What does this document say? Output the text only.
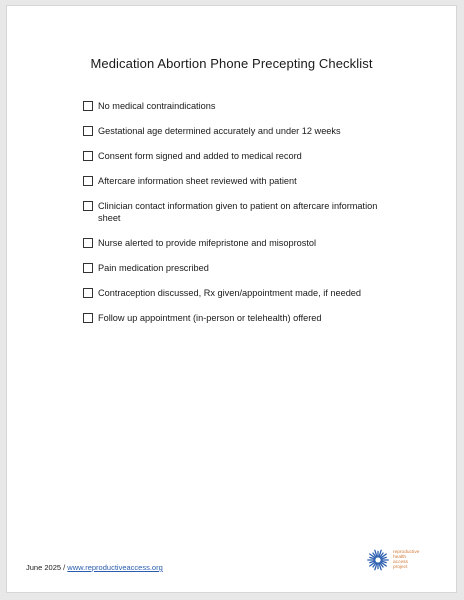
Medication Abortion Phone Precepting Checklist
No medical contraindications
Gestational age determined accurately and under 12 weeks
Consent form signed and added to medical record
Aftercare information sheet reviewed with patient
Clinician contact information given to patient on aftercare information sheet
Nurse alerted to provide mifepristone and misoprostol
Pain medication prescribed
Contraception discussed, Rx given/appointment made, if needed
Follow up appointment (in-person or telehealth) offered
June 2025 / www.reproductiveaccess.org
reproductive
health
access
project
